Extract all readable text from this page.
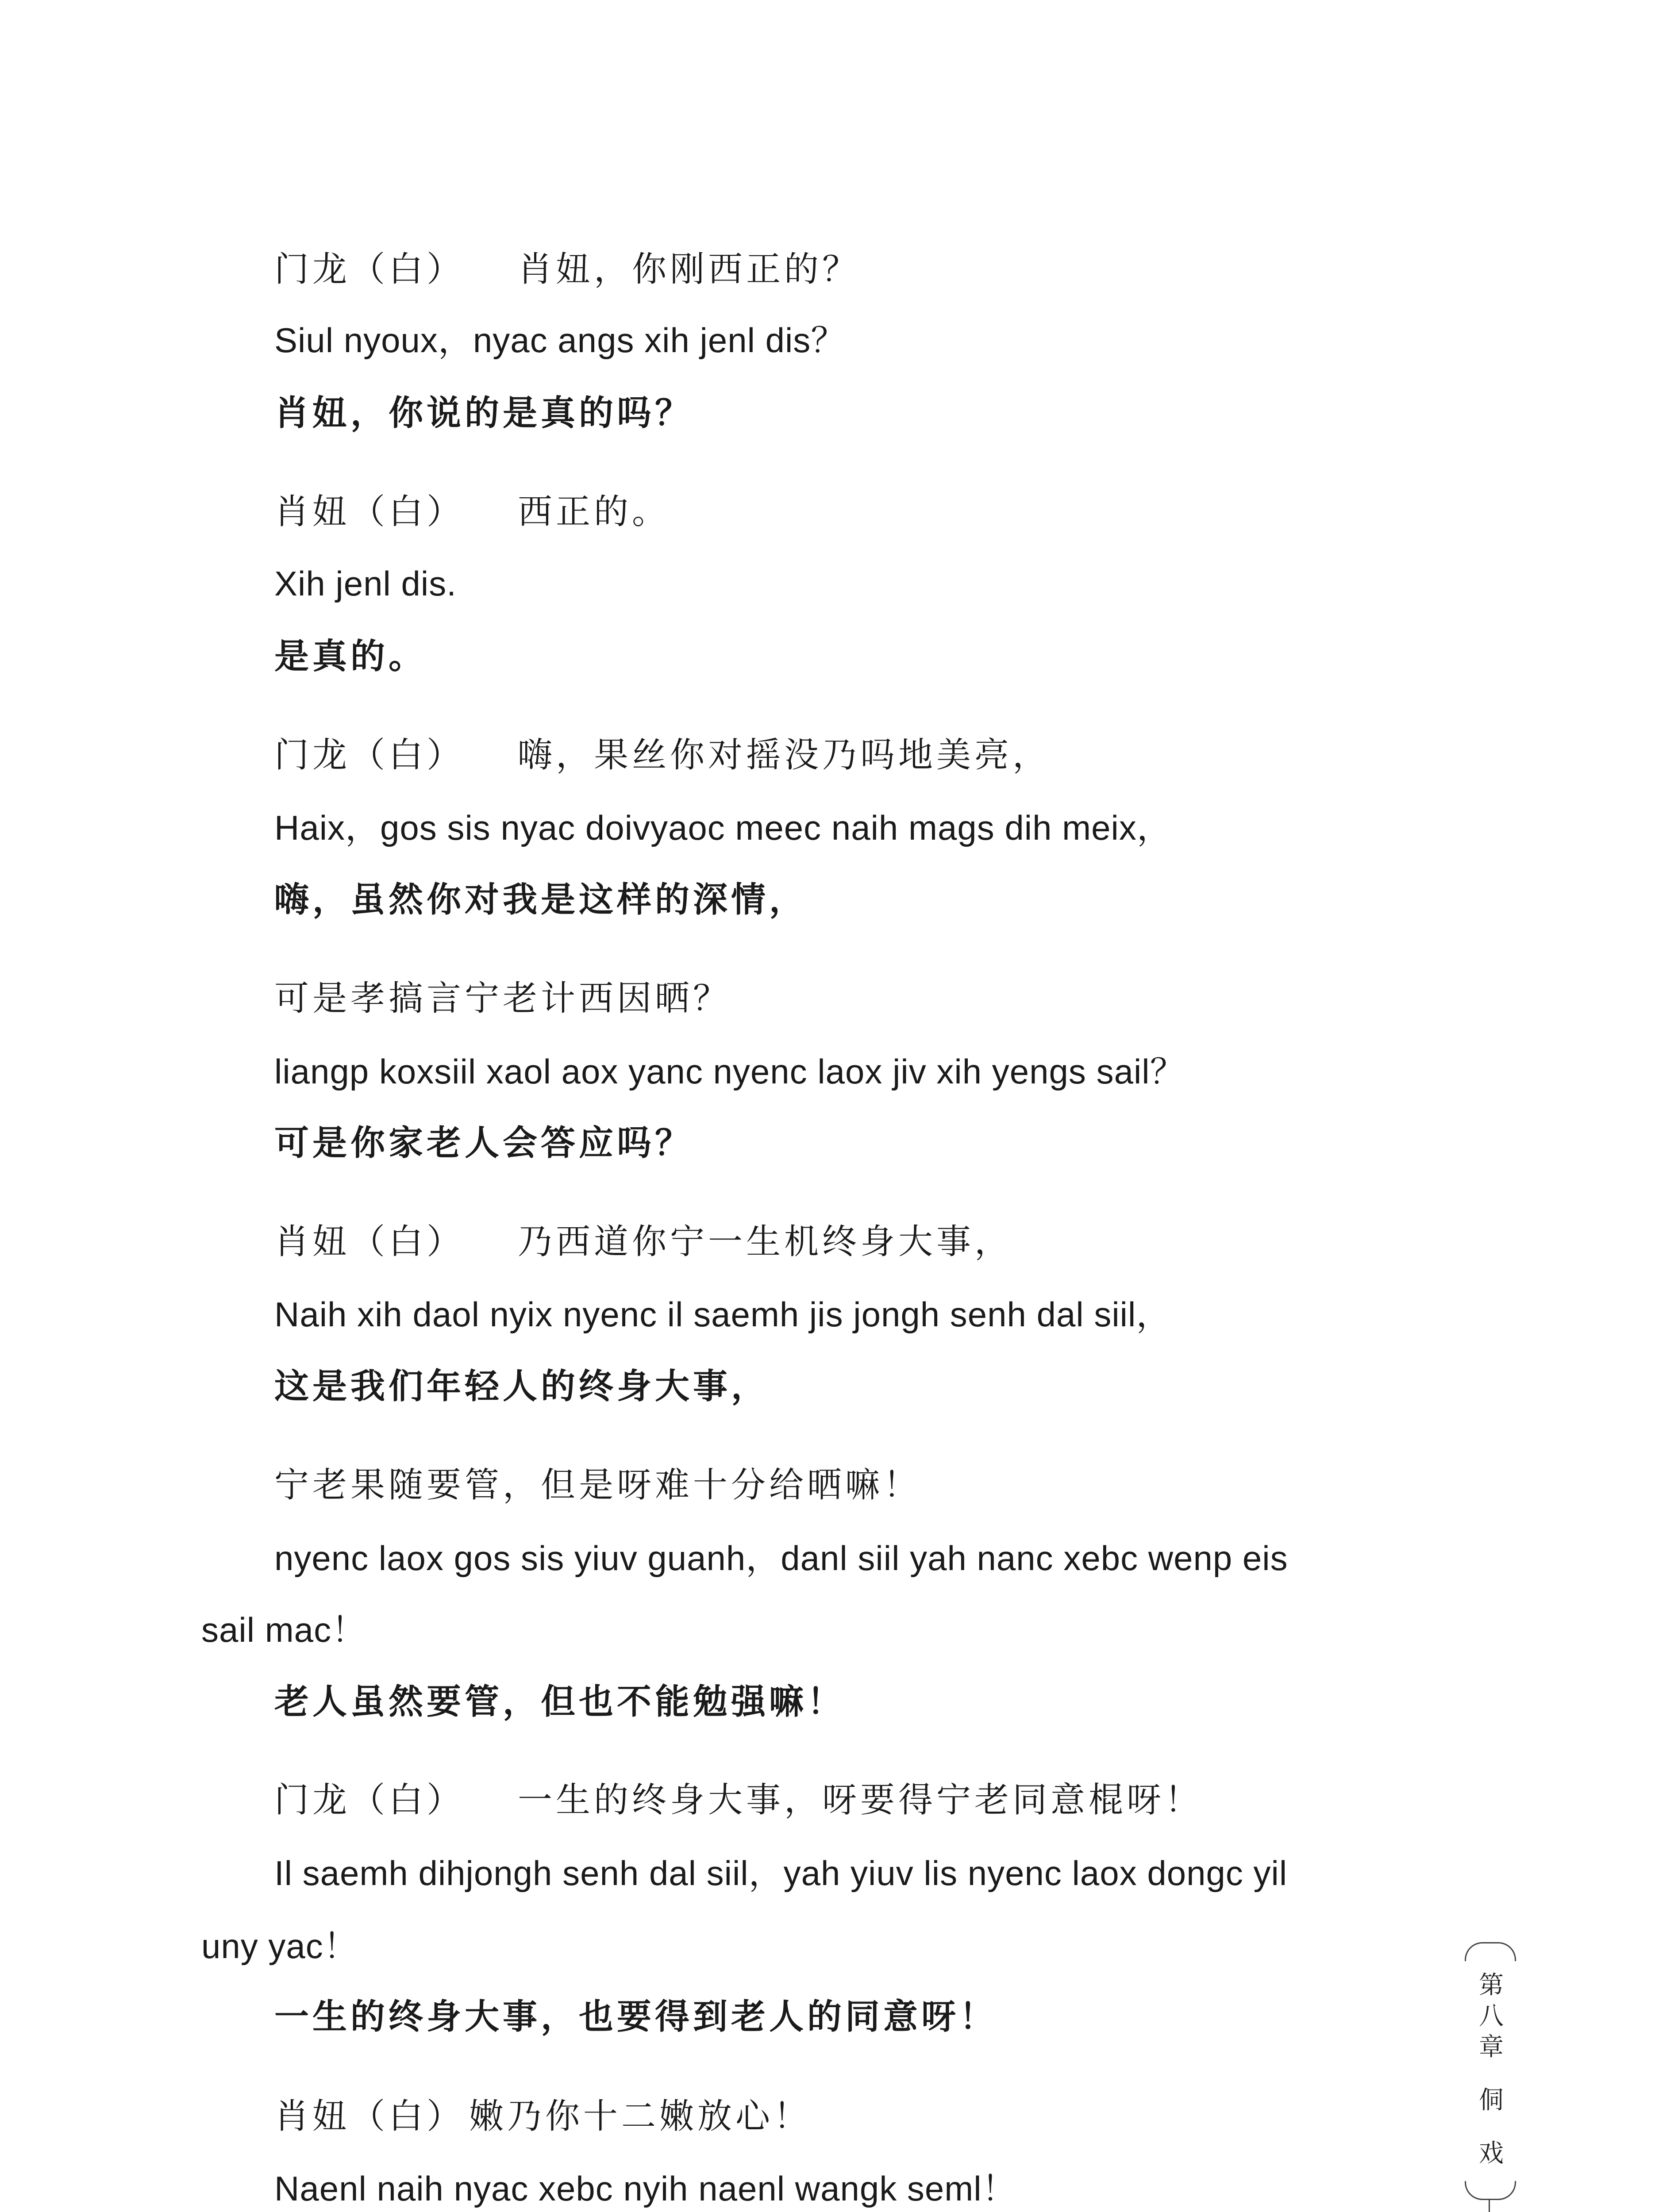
门龙（白） 肖妞，你刚西正的？
Siul nyoux，nyac angs xih jenl dis？
肖妞，你说的是真的吗？
肖妞（白） 西正的。
Xih jenl dis.
是真的。
门龙（白） 嗨，果丝你对摇没乃吗地美亮，
Haix，gos sis nyac doivyaoc meec naih mags dih meix，
嗨，虽然你对我是这样的深情，
可是孝搞言宁老计西因晒？
liangp koxsiil xaol aox yanc nyenc laox jiv xih yengs sail？
可是你家老人会答应吗？
肖妞（白） 乃西道你宁一生机终身大事，
Naih xih daol nyix nyenc il saemh jis jongh senh dal siil，
这是我们年轻人的终身大事，
宁老果随要管，但是呀难十分给晒嘛！
nyenc laox gos sis yiuv guanh，danl siil yah nanc xebc wenp eis
sail mac！
老人虽然要管，但也不能勉强嘛！
门龙（白） 一生的终身大事，呀要得宁老同意棍呀！
Il saemh dihjongh senh dal siil，yah yiuv lis nyenc laox dongc yil
uny yac！
一生的终身大事，也要得到老人的同意呀！
肖妞（白） 嫩乃你十二嫩放心！
Naenl naih nyac xebc nyih naenl wangk seml！
第
八
章
侗
戏
